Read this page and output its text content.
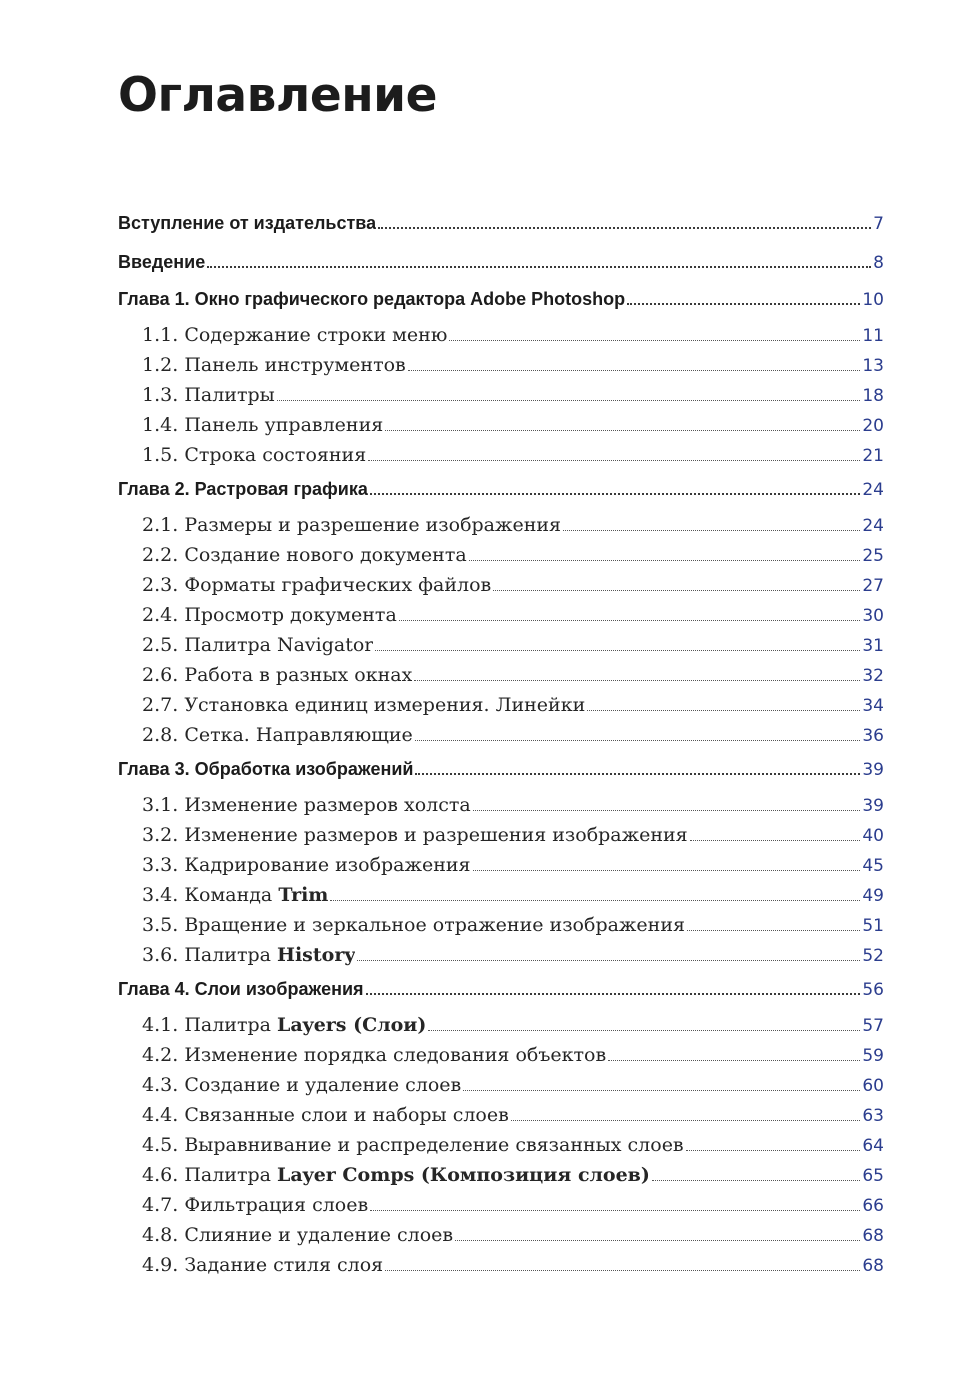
Оглавление
Вступление от издательства	7
Введение	8
Глава 1. Окно графического редактора Adobe Photoshop	10
1.1. Содержание строки меню	11
1.2. Панель инструментов	13
1.3. Палитры	18
1.4. Панель управления	20
1.5. Строка состояния	21
Глава 2. Растровая графика	24
2.1. Размеры и разрешение изображения	24
2.2. Создание нового документа	25
2.3. Форматы графических файлов	27
2.4. Просмотр документа	30
2.5. Палитра Navigator	31
2.6. Работа в разных окнах	32
2.7. Установка единиц измерения. Линейки	34
2.8. Сетка. Направляющие	36
Глава 3. Обработка изображений	39
3.1. Изменение размеров холста	39
3.2. Изменение размеров и разрешения изображения	40
3.3. Кадрирование изображения	45
3.4. Команда Trim	49
3.5. Вращение и зеркальное отражение изображения	51
3.6. Палитра History	52
Глава 4. Слои изображения	56
4.1. Палитра Layers (Слои)	57
4.2. Изменение порядка следования объектов	59
4.3. Создание и удаление слоев	60
4.4. Связанные слои и наборы слоев	63
4.5. Выравнивание и распределение связанных слоев	64
4.6. Палитра Layer Comps (Композиция слоев)	65
4.7. Фильтрация слоев	66
4.8. Слияние и удаление слоев	68
4.9. Задание стиля слоя	68
